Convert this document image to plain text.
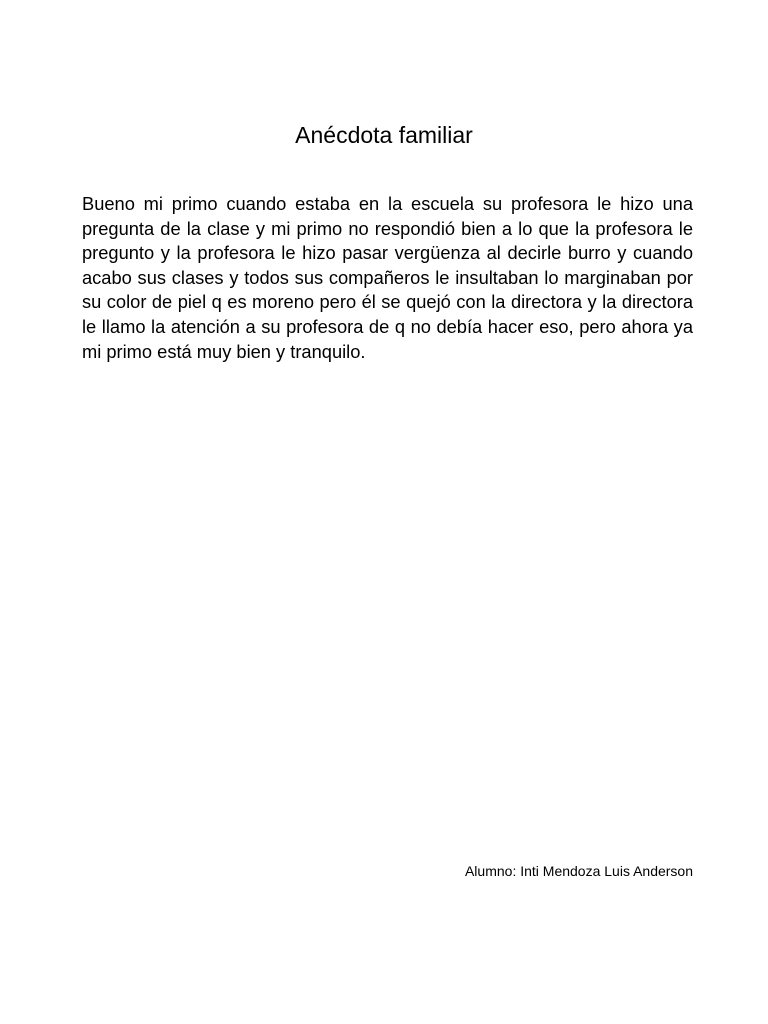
Anécdota familiar

Bueno mi primo cuando estaba en la escuela su profesora le hizo una pregunta de la clase y mi primo no respondió bien a lo que la profesora le pregunto y la profesora le hizo pasar vergüenza al decirle burro y cuando acabo sus clases y todos sus compañeros le insultaban lo marginaban por su color de piel q es moreno pero él se quejó con la directora y la directora le llamo la atención a su profesora de q no debía hacer eso, pero ahora ya mi primo está muy bien y tranquilo.

Alumno: Inti Mendoza Luis Anderson
